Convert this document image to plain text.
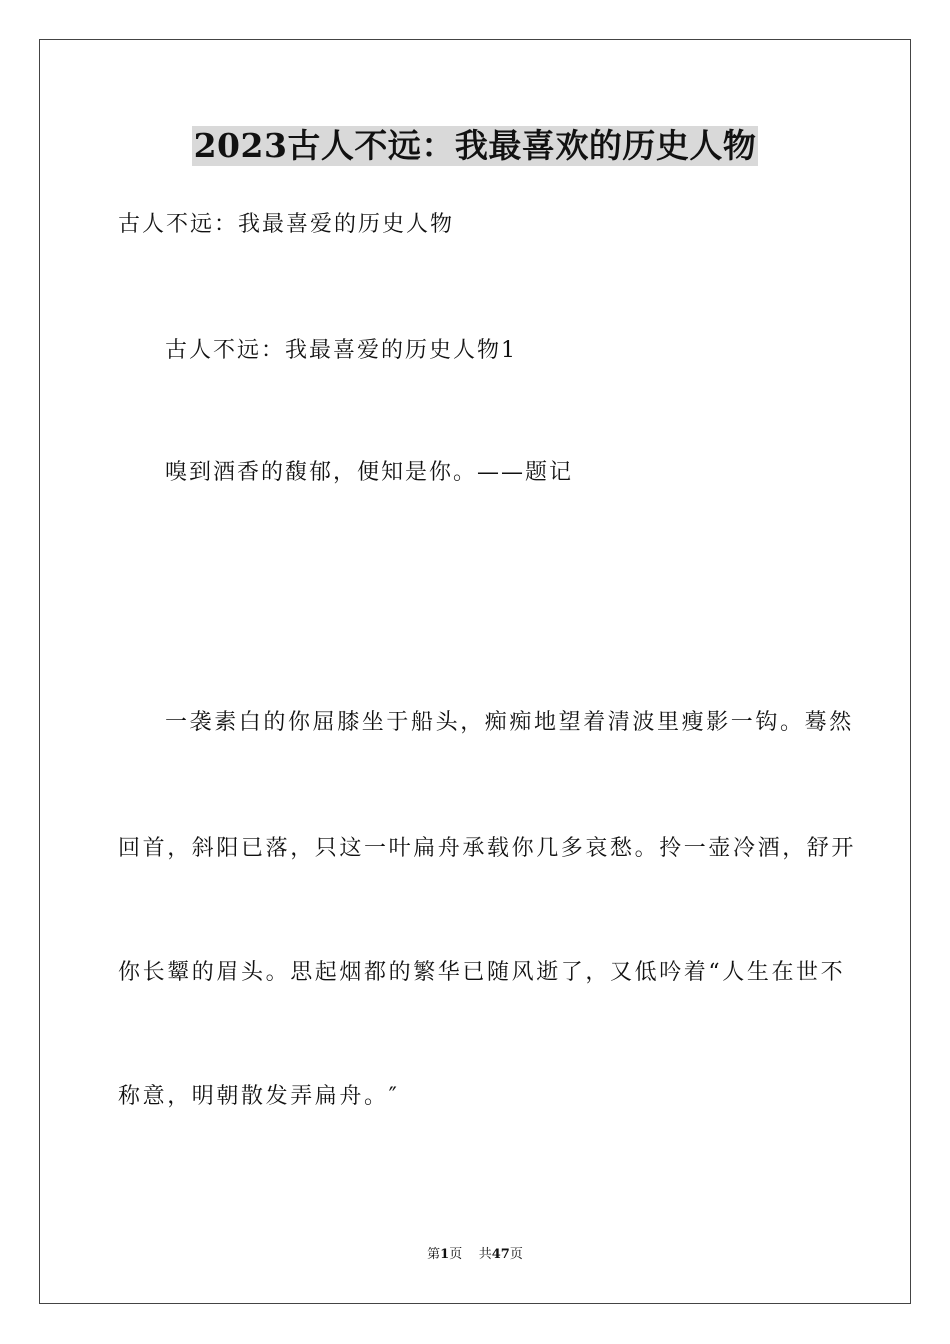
2023古人不远：我最喜欢的历史人物
古人不远：我最喜爱的历史人物
古人不远：我最喜爱的历史人物1
嗅到酒香的馥郁，便知是你。——题记
一袭素白的你屈膝坐于船头，痴痴地望着清波里瘦影一钩。蓦然
回首，斜阳已落，只这一叶扁舟承载你几多哀愁。拎一壶冷酒，舒开
你长颦的眉头。思起烟都的繁华已随风逝了，又低吟着“人生在世不
称意，明朝散发弄扁舟。″
第1页 共47页
